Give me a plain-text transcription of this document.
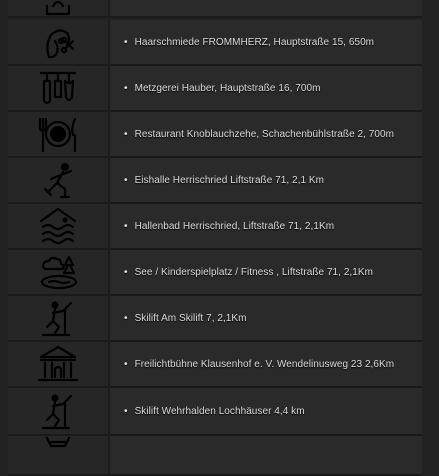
• Haarschmiede FROMMHERZ, Hauptstraße 15, 650m
• Metzgerei Hauber, Hauptstraße 16, 700m
• Restaurant Knoblauchzehe, Schachenbühlstraße 2, 700m
• Eishalle Herrischried Liftstraße 71, 2,1 Km
• Hallenbad Herrischried, Liftstraße 71, 2,1Km
• See / Kinderspielplatz / Fitness , Liftstraße 71, 2,1Km
• Skilift Am Skilift 7, 2,1Km
• Freilichtbühne Klausenhof e. V. Wendelinusweg 23 2,6Km
• Skilift Wehrhalden Lochhäuser 4,4 km
